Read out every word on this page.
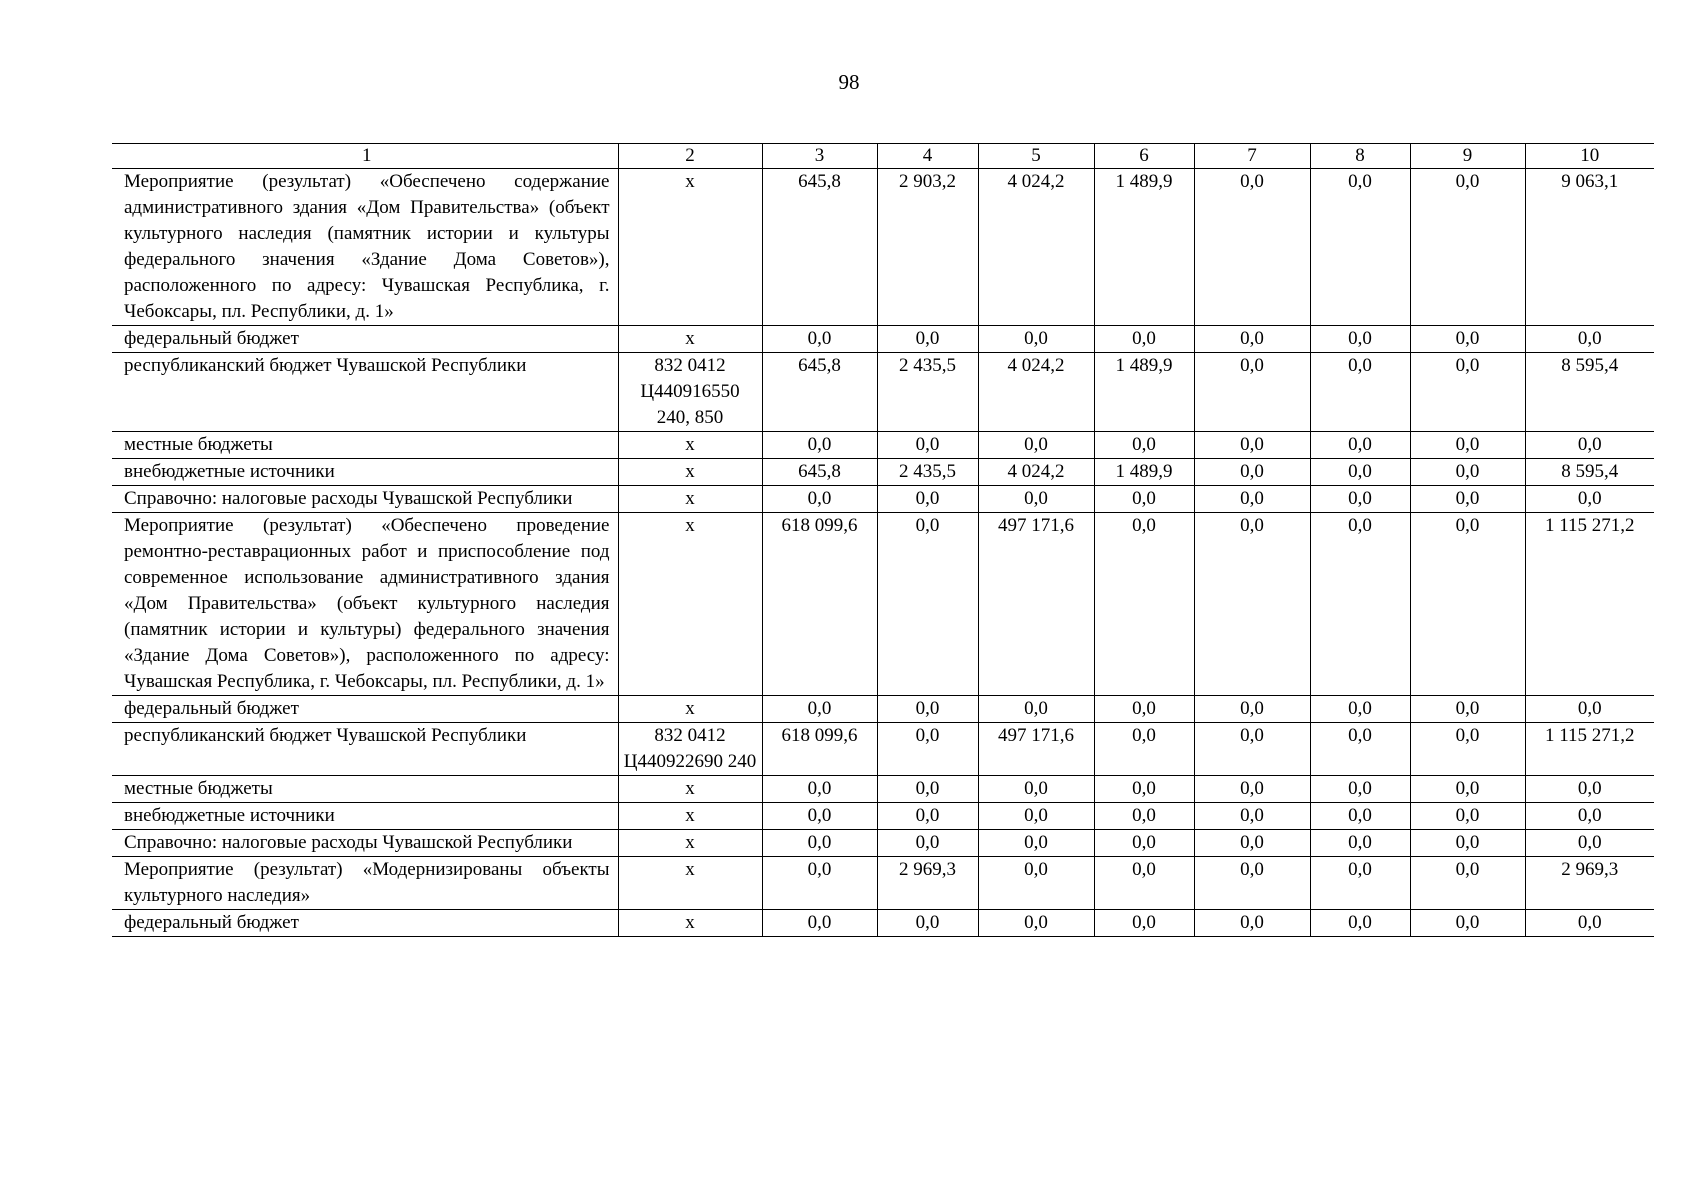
98
1	2	3	4	5	6	7	8	9	10
Мероприятие (результат) «Обеспечено содержание административного здания «Дом Правительства» (объект культурного наследия (памятник истории и культуры федерального значения «Здание Дома Советов»), расположенного по адресу: Чувашская Республика, г. Чебоксары, пл. Республики, д. 1»	x	645,8	2 903,2	4 024,2	1 489,9	0,0	0,0	0,0	9 063,1
федеральный бюджет	x	0,0	0,0	0,0	0,0	0,0	0,0	0,0	0,0
республиканский бюджет Чувашской Республики	832 0412 Ц440916550 240, 850	645,8	2 435,5	4 024,2	1 489,9	0,0	0,0	0,0	8 595,4
местные бюджеты	x	0,0	0,0	0,0	0,0	0,0	0,0	0,0	0,0
внебюджетные источники	x	645,8	2 435,5	4 024,2	1 489,9	0,0	0,0	0,0	8 595,4
Справочно: налоговые расходы Чувашской Республики	x	0,0	0,0	0,0	0,0	0,0	0,0	0,0	0,0
Мероприятие (результат) «Обеспечено проведение ремонтно-реставрационных работ и приспособление под современное использование административного здания «Дом Правительства» (объект культурного наследия (памятник истории и культуры) федерального значения «Здание Дома Советов»), расположенного по адресу: Чувашская Республика, г. Чебоксары, пл. Республики, д. 1»	x	618 099,6	0,0	497 171,6	0,0	0,0	0,0	0,0	1 115 271,2
федеральный бюджет	x	0,0	0,0	0,0	0,0	0,0	0,0	0,0	0,0
республиканский бюджет Чувашской Республики	832 0412 Ц440922690 240	618 099,6	0,0	497 171,6	0,0	0,0	0,0	0,0	1 115 271,2
местные бюджеты	x	0,0	0,0	0,0	0,0	0,0	0,0	0,0	0,0
внебюджетные источники	x	0,0	0,0	0,0	0,0	0,0	0,0	0,0	0,0
Справочно: налоговые расходы Чувашской Республики	x	0,0	0,0	0,0	0,0	0,0	0,0	0,0	0,0
Мероприятие (результат) «Модернизированы объекты культурного наследия»	x	0,0	2 969,3	0,0	0,0	0,0	0,0	0,0	2 969,3
федеральный бюджет	x	0,0	0,0	0,0	0,0	0,0	0,0	0,0	0,0
